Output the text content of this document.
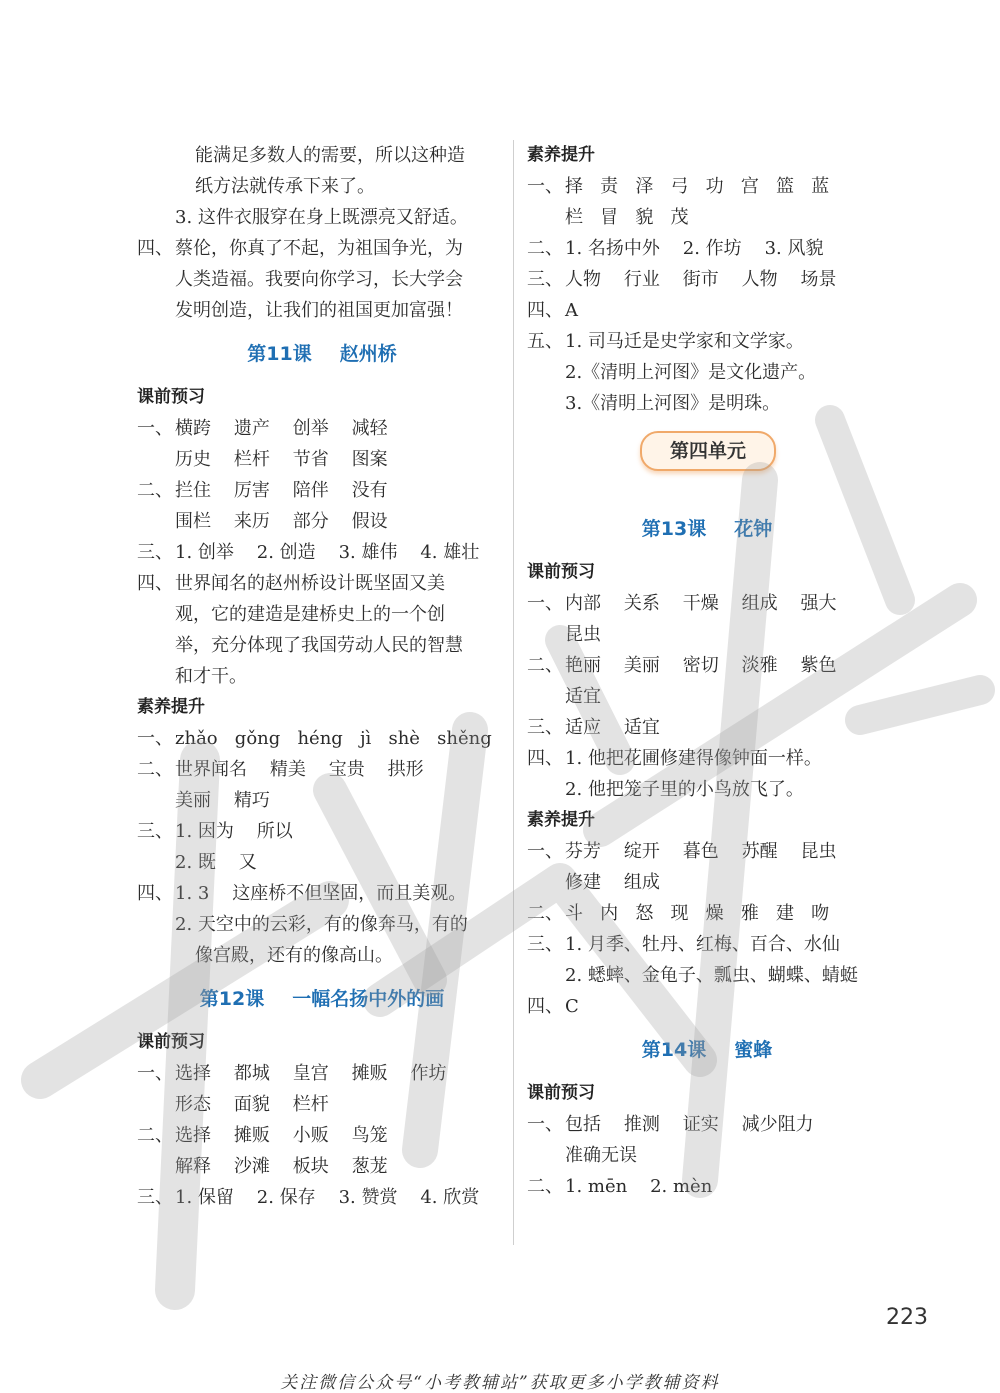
能满足多数人的需要，所以这种造
纸方法就传承下来了。
3. 这件衣服穿在身上既漂亮又舒适。
四、 蔡伦，你真了不起，为祖国争光，为
人类造福。我要向你学习，长大学会
发明创造，让我们的祖国更加富强！
第11课 赵州桥
课前预习
一、 横跨    遗产    创举    减轻
历史    栏杆    节省    图案
二、 拦住    厉害    陪伴    没有
围栏    来历    部分    假设
三、 1. 创举    2. 创造    3. 雄伟    4. 雄壮
四、 世界闻名的赵州桥设计既坚固又美
观，它的建造是建桥史上的一个创
举，充分体现了我国劳动人民的智慧
和才干。
素养提升
一、 zhǎo   gǒng   héng   jì   shè   shěng
二、 世界闻名    精美    宝贵    拱形
美丽    精巧
三、 1. 因为    所以
2. 既    又
四、 1. 3    这座桥不但坚固，而且美观。
2. 天空中的云彩，有的像奔马，有的
像宫殿，还有的像高山。
第12课 一幅名扬中外的画
课前预习
一、 选择    都城    皇宫    摊贩    作坊
形态    面貌    栏杆
二、 选择    摊贩    小贩    鸟笼
解释    沙滩    板块    葱茏
三、 1. 保留    2. 保存    3. 赞赏    4. 欣赏
素养提升
一、 择   责   泽   弓   功   宫   篮   蓝
栏   冒   貌   茂
二、 1. 名扬中外    2. 作坊    3. 风貌
三、 人物    行业    街市    人物    场景
四、 A
五、 1. 司马迁是史学家和文学家。
2.《清明上河图》是文化遗产。
3.《清明上河图》是明珠。
第四单元
第13课 花钟
课前预习
一、 内部    关系    干燥    组成    强大
昆虫
二、 艳丽    美丽    密切    淡雅    紫色
适宜
三、 适应    适宜
四、 1. 他把花圃修建得像钟面一样。
2. 他把笼子里的小鸟放飞了。
素养提升
一、 芬芳    绽开    暮色    苏醒    昆虫
修建    组成
二、 斗   内   怒   现   燥   雅   建   吻
三、 1. 月季、牡丹、红梅、百合、水仙
2. 蟋蟀、金龟子、瓢虫、蝴蝶、蜻蜓
四、 C
第14课 蜜蜂
课前预习
一、 包括    推测    证实    减少阻力
准确无误
二、 1. mēn    2. mèn
223
关注微信公众号“小考教辅站”获取更多小学教辅资料
